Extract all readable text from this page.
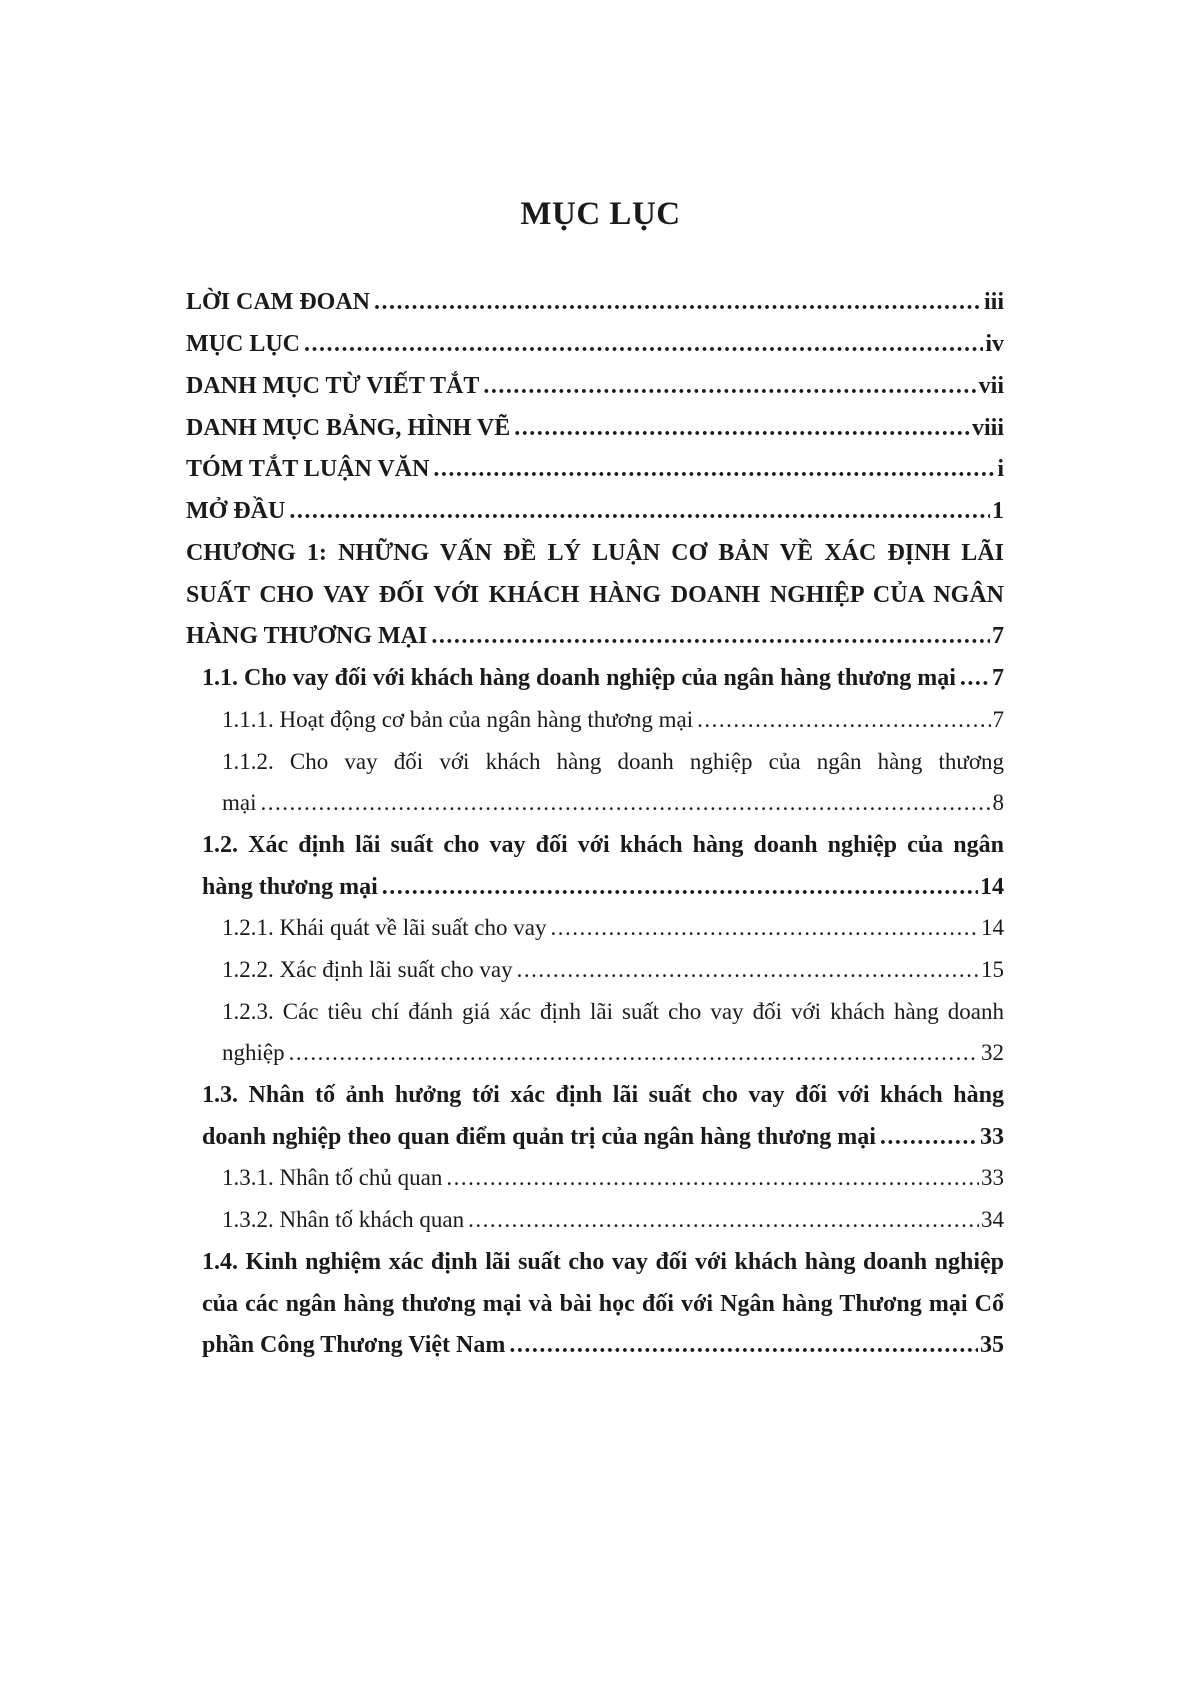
MỤC LỤC
LỜI CAM ĐOAN .....	iii
MỤC LỤC .....	iv
DANH MỤC TỪ VIẾT TẮT .....	vii
DANH MỤC BẢNG, HÌNH VẼ .....	viii
TÓM TẮT LUẬN VĂN .....	i
MỞ ĐẦU .....	1
CHƯƠNG 1: NHỮNG VẤN ĐỀ LÝ LUẬN CƠ BẢN VỀ XÁC ĐỊNH LÃI
SUẤT CHO VAY ĐỐI VỚI KHÁCH HÀNG DOANH NGHIỆP CỦA NGÂN
HÀNG THƯƠNG MẠI .....	7
1.1. Cho vay đối với khách hàng doanh nghiệp của ngân hàng thương mại ..... 7
1.1.1. Hoạt động cơ bản của ngân hàng thương mại .....	7
1.1.2. Cho vay đối với khách hàng doanh nghiệp của ngân hàng thương
mại .....	8
1.2. Xác định lãi suất cho vay đối với khách hàng doanh nghiệp của ngân
hàng thương mại .....	14
1.2.1. Khái quát về lãi suất cho vay .....	14
1.2.2. Xác định lãi suất cho vay .....	15
1.2.3. Các tiêu chí đánh giá xác định lãi suất cho vay đối với khách hàng doanh
nghiệp .....	32
1.3. Nhân tố ảnh hưởng tới xác định lãi suất cho vay đối với khách hàng
doanh nghiệp theo quan điểm quản trị của ngân hàng thương mại .....	33
1.3.1. Nhân tố chủ quan .....	33
1.3.2. Nhân tố khách quan .....	34
1.4. Kinh nghiệm xác định lãi suất cho vay đối với khách hàng doanh nghiệp
của các ngân hàng thương mại và bài học đối với Ngân hàng Thương mại Cổ
phần Công Thương Việt Nam .....	35
